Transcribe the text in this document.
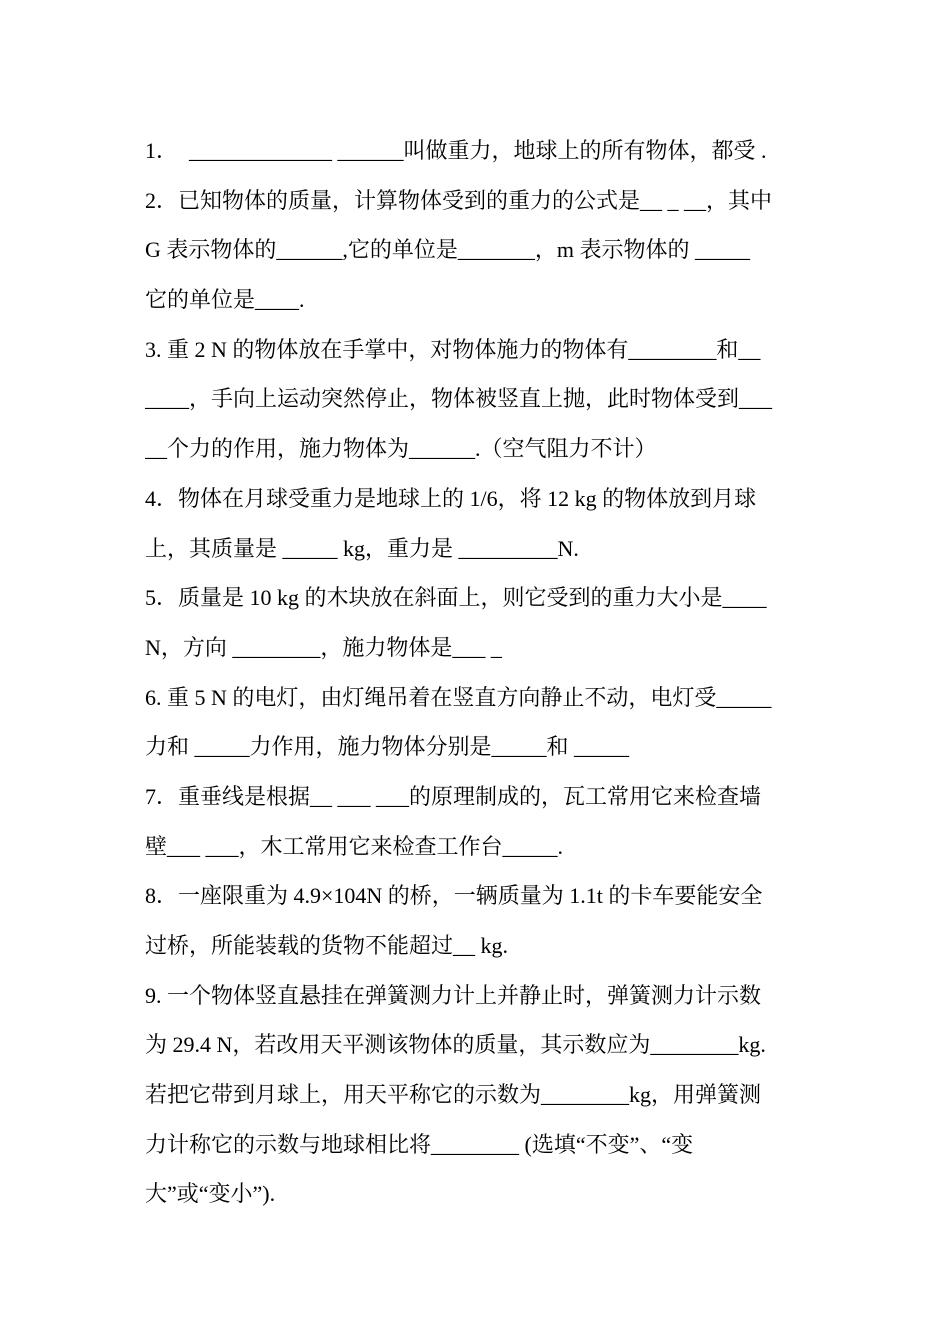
1．  _____________ ______叫做重力，地球上的所有物体，都受 .
2．已知物体的质量，计算物体受到的重力的公式是__ _ __，其中
G 表示物体的______,它的单位是_______，m 表示物体的 _____
它的单位是____.
3. 重 2 N 的物体放在手掌中，对物体施力的物体有________和__
____，手向上运动突然停止，物体被竖直上抛，此时物体受到___
__个力的作用，施力物体为______.（空气阻力不计）
4．物体在月球受重力是地球上的 1/6，将 12 kg 的物体放到月球
上，其质量是 _____ kg，重力是 _________N.
5．质量是 10 kg 的木块放在斜面上，则它受到的重力大小是____
N，方向 ________，施力物体是___ _
6. 重 5 N 的电灯，由灯绳吊着在竖直方向静止不动，电灯受_____
力和 _____力作用，施力物体分别是_____和 _____
7．重垂线是根据__ ___ ___的原理制成的，瓦工常用它来检查墙
壁___ ___，木工常用它来检查工作台_____.
8．一座限重为 4.9×104N 的桥，一辆质量为 1.1t 的卡车要能安全
过桥，所能装载的货物不能超过__ kg.
9. 一个物体竖直悬挂在弹簧测力计上并静止时，弹簧测力计示数
为 29.4 N，若改用天平测该物体的质量，其示数应为________kg.
若把它带到月球上，用天平称它的示数为________kg，用弹簧测
力计称它的示数与地球相比将________ (选填“不变”、“变
大”或“变小”).
